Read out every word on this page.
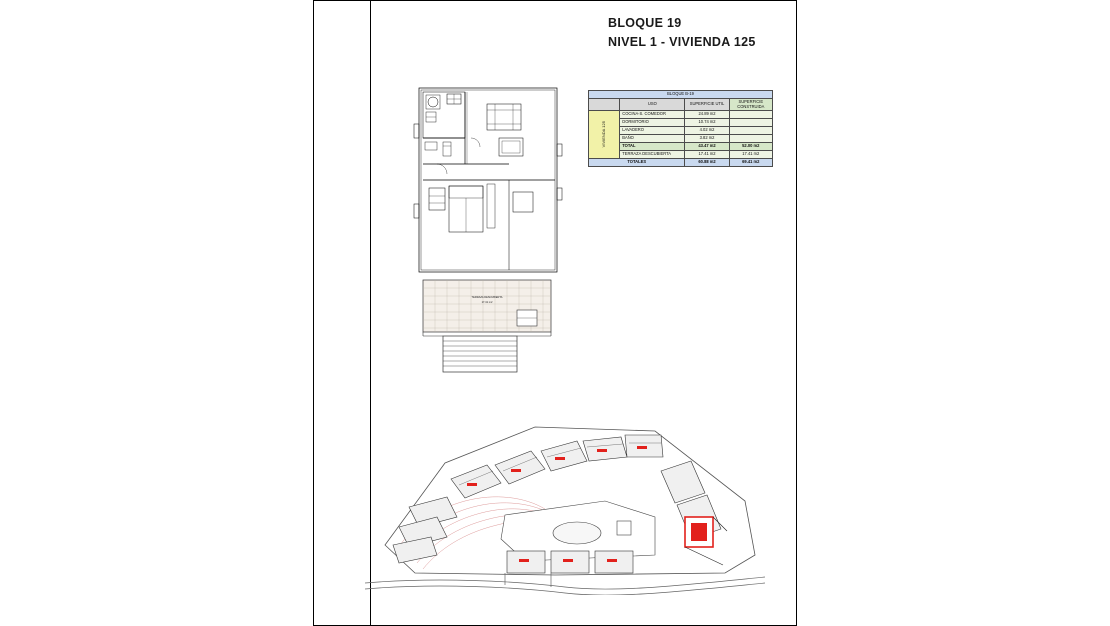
BLOQUE 19
NIVEL 1 - VIVIENDA 125
TERRAZA DESCUBIERTA
17.41 m2
BLOQUE B-19			
	USO	SUPERFICIE UTIL	SUPERFICIE CONSTRUIDA

VIVIENDA 125	COCINA-S. COMEDOR	24.89 m2	
	DORMITORIO	10.74 m2	
	LAVADERO	4.02 m2	
	BAÑO	3.82 m2	
	TOTAL	43.47 m2	52.00 m2
	TERRAZA DESCUBIERTA	17.41 m2	17.41 m2
TOTALES		60.88 m2	69.41 m2
